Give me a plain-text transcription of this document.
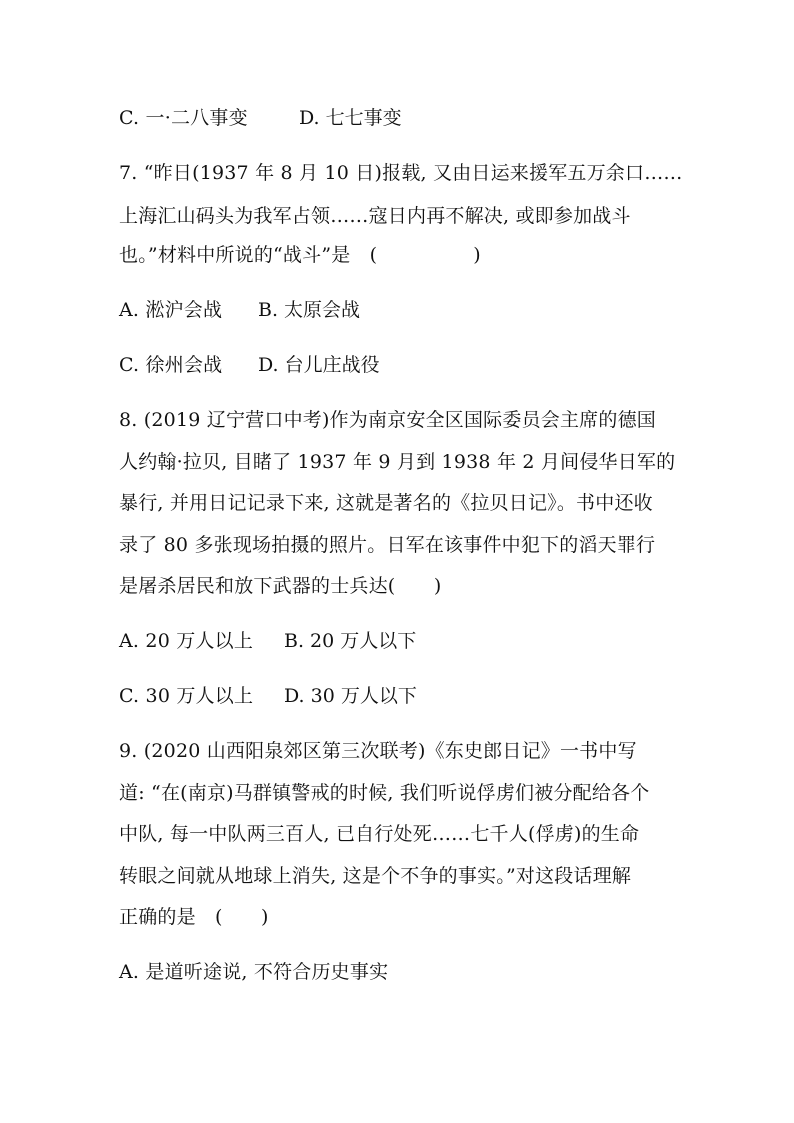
C. 一·二八事变	D. 七七事变
7. “昨日(1937 年 8 月 10 日)报载, 又由日运来援军五万余口……
上海汇山码头为我军占领……寇日内再不解决, 或即参加战斗
也。”材料中所说的“战斗”是　(　　　　　)
A. 淞沪会战 B. 太原会战
C. 徐州会战 D. 台儿庄战役
8. (2019 辽宁营口中考)作为南京安全区国际委员会主席的德国
人约翰·拉贝, 目睹了 1937 年 9 月到 1938 年 2 月间侵华日军的
暴行, 并用日记记录下来, 这就是著名的《拉贝日记》。书中还收
录了 80 多张现场拍摄的照片。日军在该事件中犯下的滔天罪行
是屠杀居民和放下武器的士兵达(　　)
A. 20 万人以上 B. 20 万人以下
C. 30 万人以上 D. 30 万人以下
9. (2020 山西阳泉郊区第三次联考)《东史郎日记》一书中写
道: “在(南京)马群镇警戒的时候, 我们听说俘虏们被分配给各个
中队, 每一中队两三百人, 已自行处死……七千人(俘虏)的生命
转眼之间就从地球上消失, 这是个不争的事实。”对这段话理解
正确的是　(　　)
A. 是道听途说, 不符合历史事实
